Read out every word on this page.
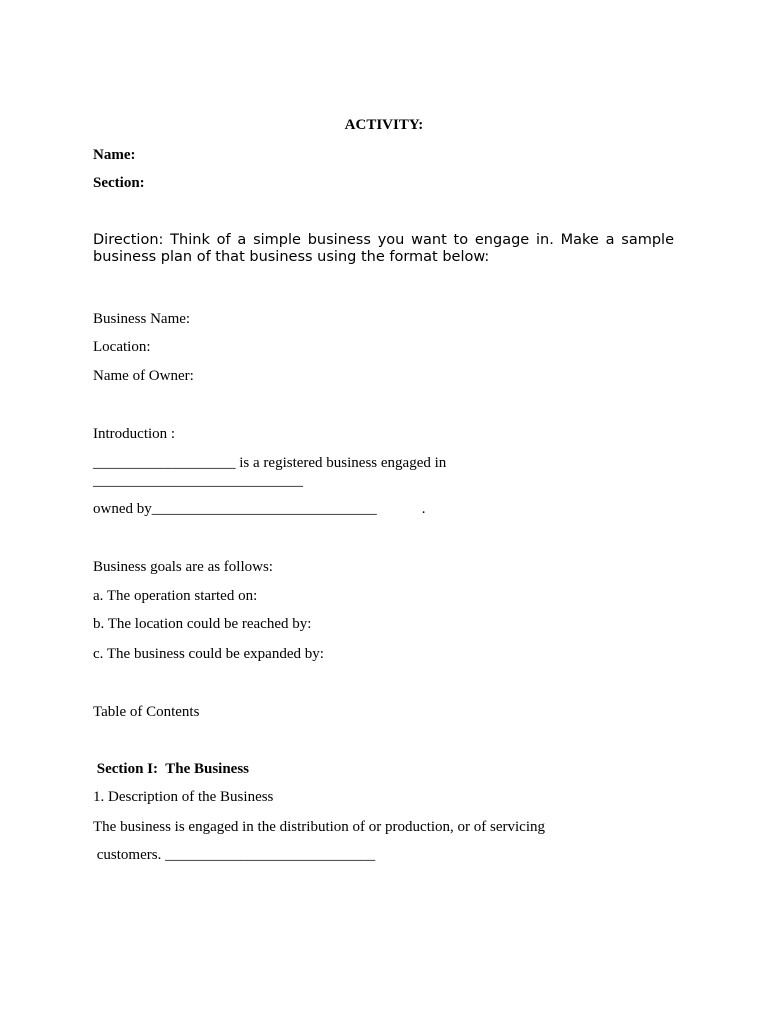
ACTIVITY:
Name:
Section:
Direction: Think of a simple business you want to engage in. Make a sample business plan of that business using the format below:
Business Name:
Location:
Name of Owner:
Introduction :
___________________ is a registered business engaged in
____________________________
owned by______________________________            .
Business goals are as follows:
a. The operation started on:
b. The location could be reached by:
c. The business could be expanded by:
Table of Contents
Section I:  The Business
1. Description of the Business
The business is engaged in the distribution of or production, or of servicing
customers. ____________________________
